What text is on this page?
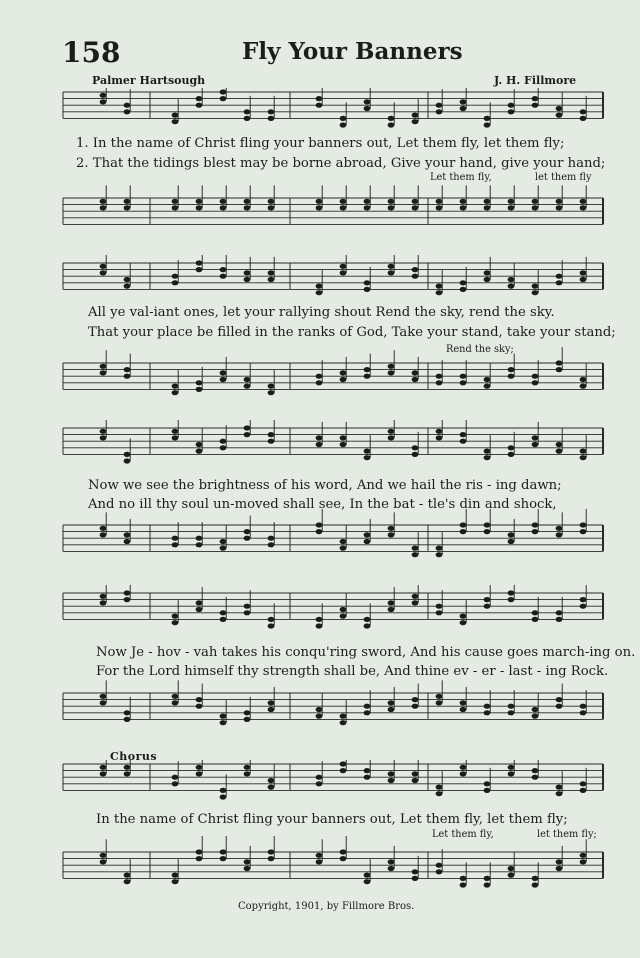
158	Fly Your Banners
Palmer Hartsough	J. H. Fillmore
1. In the name of Christ fling your banners out, Let them fly, let them fly;
2. That the tidings blest may be borne abroad, Give your hand, give your hand;
Let them fly,	let them fly
All ye val-iant ones, let your rallying shout Rend the sky, rend the sky.
That your place be filled in the ranks of God, Take your stand, take your stand;
Rend the sky;
Now we see the brightness of his word, And we hail the ris - ing dawn;
And no ill thy soul un-moved shall see, In the bat - tle's din and shock,
Now Je - hov - vah takes his conqu'ring sword, And his cause goes march-ing on.
For the Lord himself thy strength shall be, And thine ev - er - last - ing Rock.
Chorus
In the name of Christ fling your banners out, Let them fly, let them fly;
Let them fly,	let them fly;
Copyright, 1901, by Fillmore Bros.
